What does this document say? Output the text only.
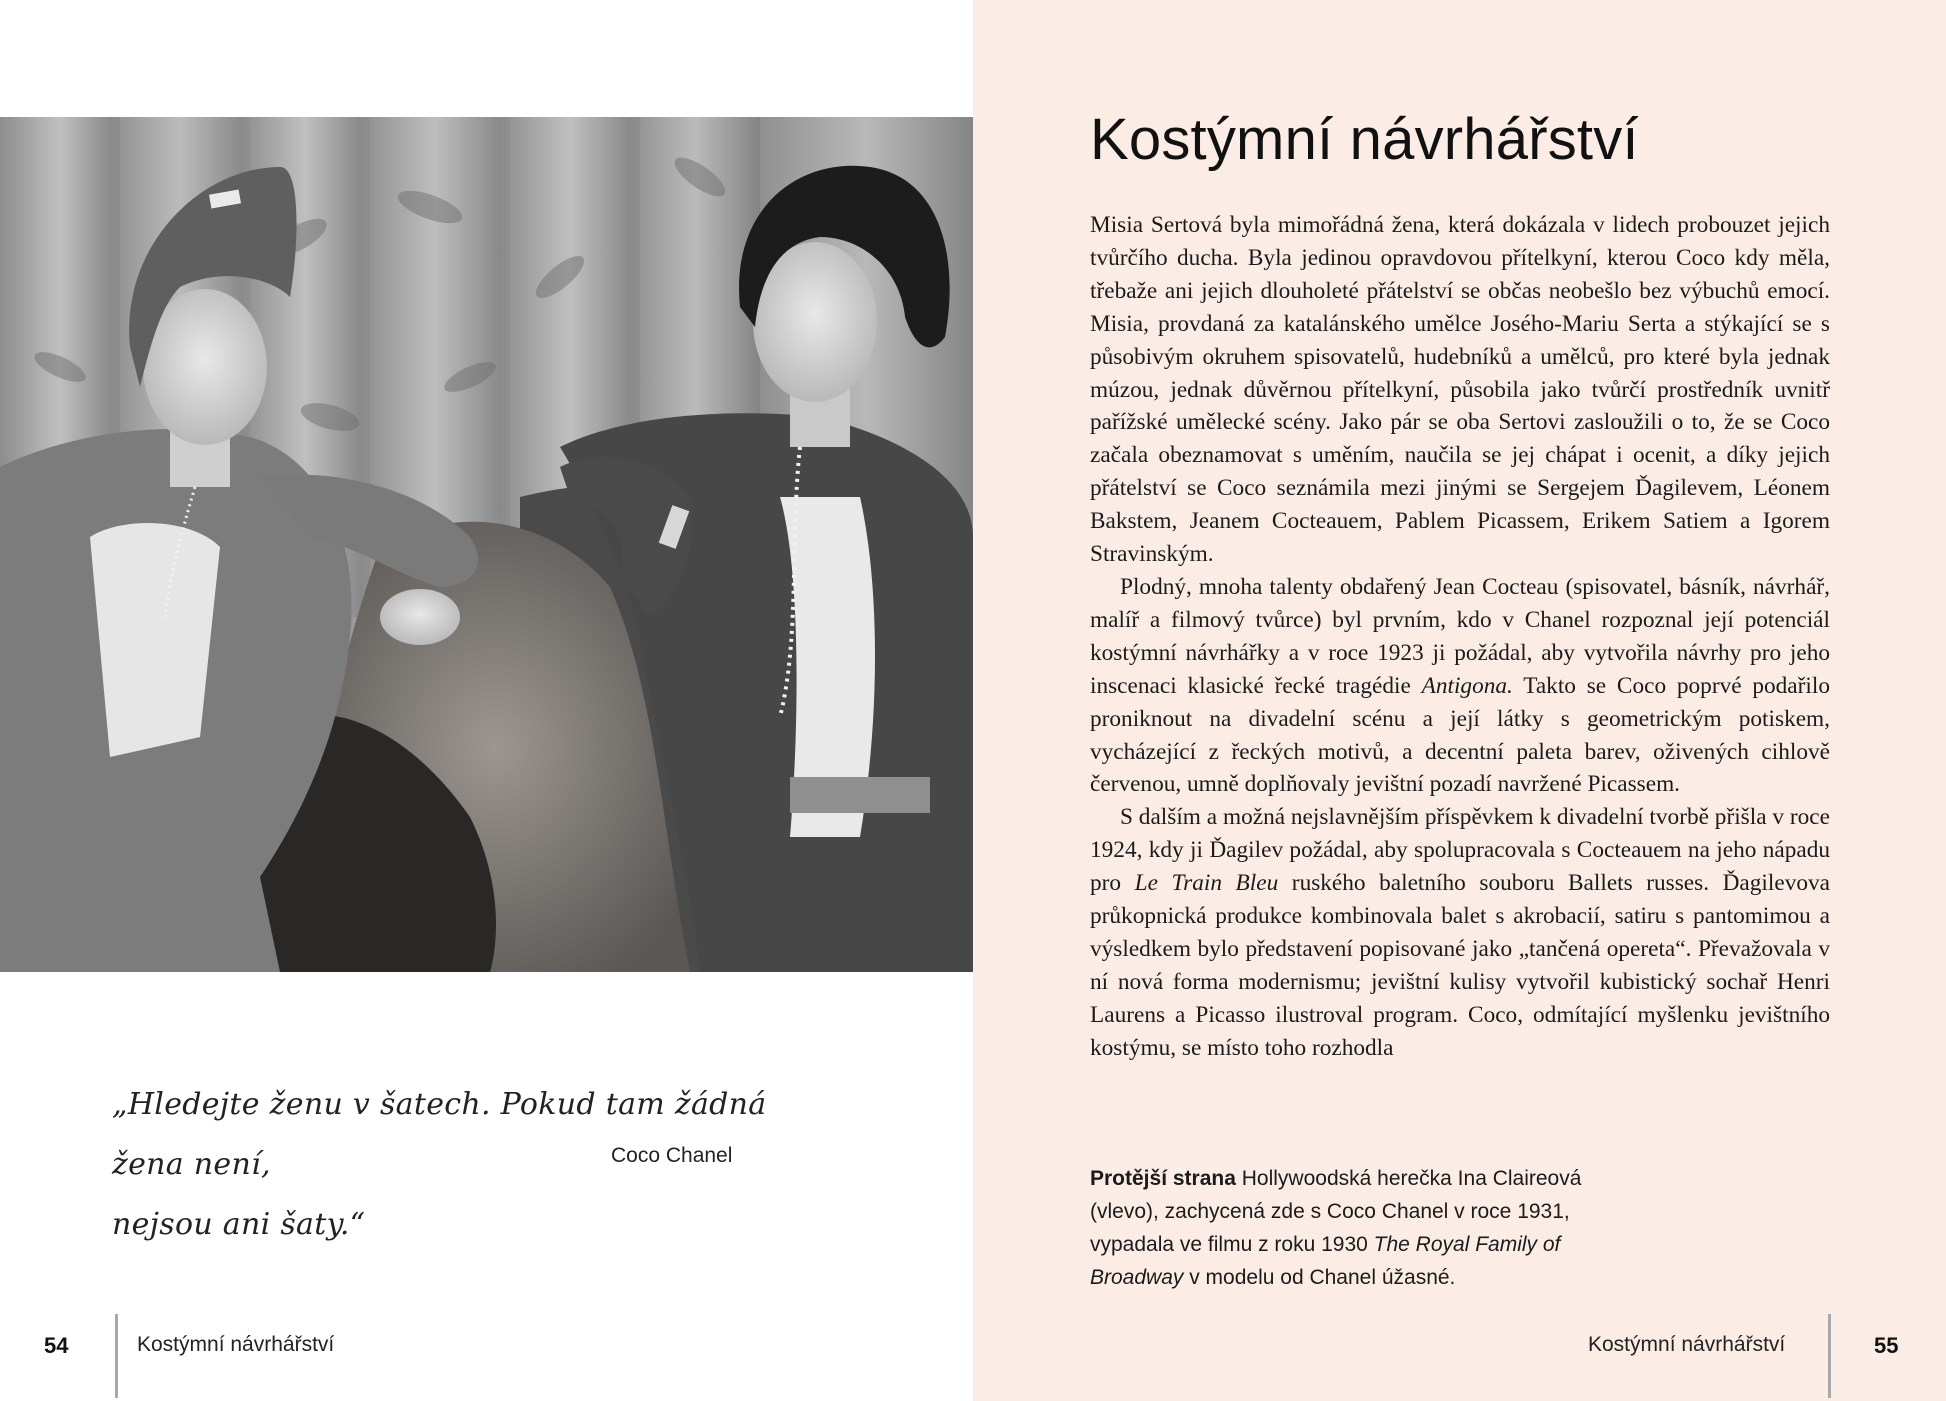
„Hledejte ženu v šatech. Pokud tam žádná žena není,
nejsou ani šaty.“
Coco Chanel
54	Kostýmní návrhářství
Kostýmní návrhářství

Misia Sertová byla mimořádná žena, která dokázala v lidech probouzet jejich tvůrčího ducha. Byla jedinou opravdovou přítelkyní, kterou Coco kdy měla, třebaže ani jejich dlouholeté přátelství se občas neobešlo bez výbuchů emocí. Misia, provdaná za katalánského umělce Josého-Mariu Serta a stýkající se s působivým okruhem spisovatelů, hudebníků a umělců, pro které byla jednak múzou, jednak důvěrnou přítelkyní, působila jako tvůrčí prostředník uvnitř pařížské umělecké scény. Jako pár se oba Sertovi zasloužili o to, že se Coco začala obeznamovat s uměním, naučila se jej chápat i ocenit, a díky jejich přátelství se Coco seznámila mezi jinými se Sergejem Ďagilevem, Léonem Bakstem, Jeanem Cocteauem, Pablem Picassem, Erikem Satiem a Igorem Stravinským.

Plodný, mnoha talenty obdařený Jean Cocteau (spisovatel, básník, návrhář, malíř a filmový tvůrce) byl prvním, kdo v Chanel rozpoznal její potenciál kostýmní návrhářky a v roce 1923 ji požádal, aby vytvořila návrhy pro jeho inscenaci klasické řecké tragédie Antigona. Takto se Coco poprvé podařilo proniknout na divadelní scénu a její látky s geometrickým potiskem, vycházející z řeckých motivů, a decentní paleta barev, oživených cihlově červenou, umně doplňovaly jevištní pozadí navržené Picassem.

S dalším a možná nejslavnějším příspěvkem k divadelní tvorbě přišla v roce 1924, kdy ji Ďagilev požádal, aby spolupracovala s Cocteauem na jeho nápadu pro Le Train Bleu ruského baletního souboru Ballets russes. Ďagilevova průkopnická produkce kombinovala balet s akrobacií, satiru s pantomimou a výsledkem bylo představení popisované jako „tančená opereta“. Převažovala v ní nová forma modernismu; jevištní kulisy vytvořil kubistický sochař Henri Laurens a Picasso ilustroval program. Coco, odmítající myšlenku jevištního kostýmu, se místo toho rozhodla

Protější strana Hollywoodská herečka Ina Claireová (vlevo), zachycená zde s Coco Chanel v roce 1931, vypadala ve filmu z roku 1930 The Royal Family of Broadway v modelu od Chanel úžasné.
Kostýmní návrhářství	55
